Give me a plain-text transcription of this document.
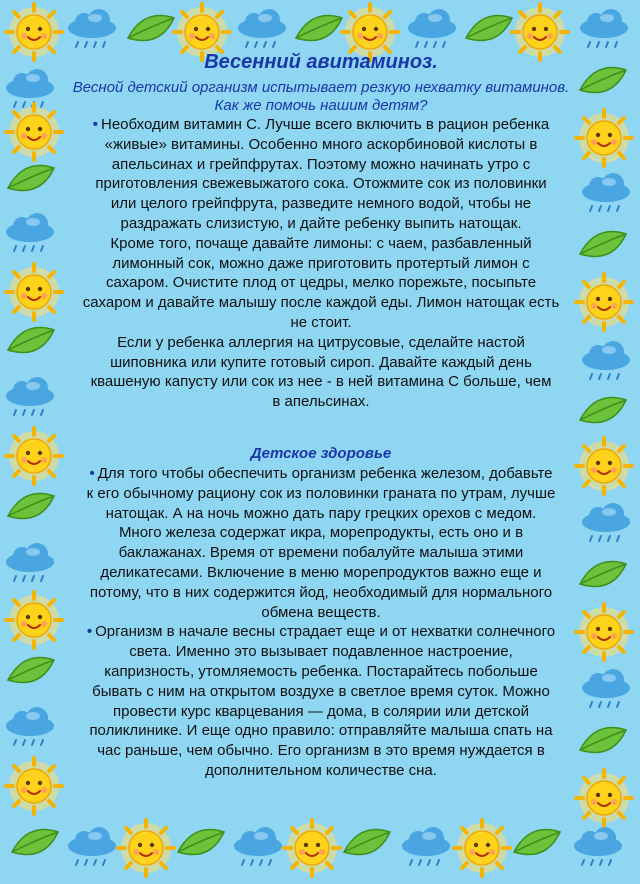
Весенний авитаминоз.

Весной детский организм испытывает резкую нехватку витаминов.

Как же помочь нашим детям?

• Необходим витамин С. Лучше всего включить в рацион ребенка

«живые» витамины. Особенно много аскорбиновой кислоты в

апельсинах и грейпфрутах. Поэтому можно начинать утро с

приготовления свежевыжатого сока. Отожмите сок из половинки

или целого грейпфрута, разведите немного водой, чтобы не

раздражать слизистую, и дайте ребенку выпить натощак.

Кроме того, почаще давайте лимоны: с чаем, разбавленный

лимонный сок, можно даже приготовить протертый лимон с

сахаром. Очистите плод от цедры, мелко порежьте, посыпьте

сахаром и давайте малышу после каждой еды. Лимон натощак есть

не стоит.

Если у ребенка аллергия на цитрусовые, сделайте настой

шиповника или купите готовый сироп. Давайте каждый день

квашеную капусту или сок из нее - в ней витамина С больше, чем

в апельсинах.

Детское здоровье

• Для того чтобы обеспечить организм ребенка железом, добавьте

к его обычному рациону сок из половинки граната по утрам, лучше

натощак. А на ночь можно дать пару грецких орехов с медом.

Много железа содержат икра, морепродукты, есть оно и в

баклажанах. Время от времени побалуйте малыша этими

деликатесами. Включение в меню морепродуктов важно еще и

потому, что в них содержится йод, необходимый для нормального

обмена веществ.

• Организм в начале весны страдает еще и от нехватки солнечного

света. Именно это вызывает подавленное настроение,

капризность, утомляемость ребенка. Постарайтесь побольше

бывать с ним на открытом воздухе в светлое время суток. Можно

провести курс кварцевания — дома, в солярии или детской

поликлинике. И еще одно правило: отправляйте малыша спать на

час раньше, чем обычно. Его организм в это время нуждается в

дополнительном количестве сна.
